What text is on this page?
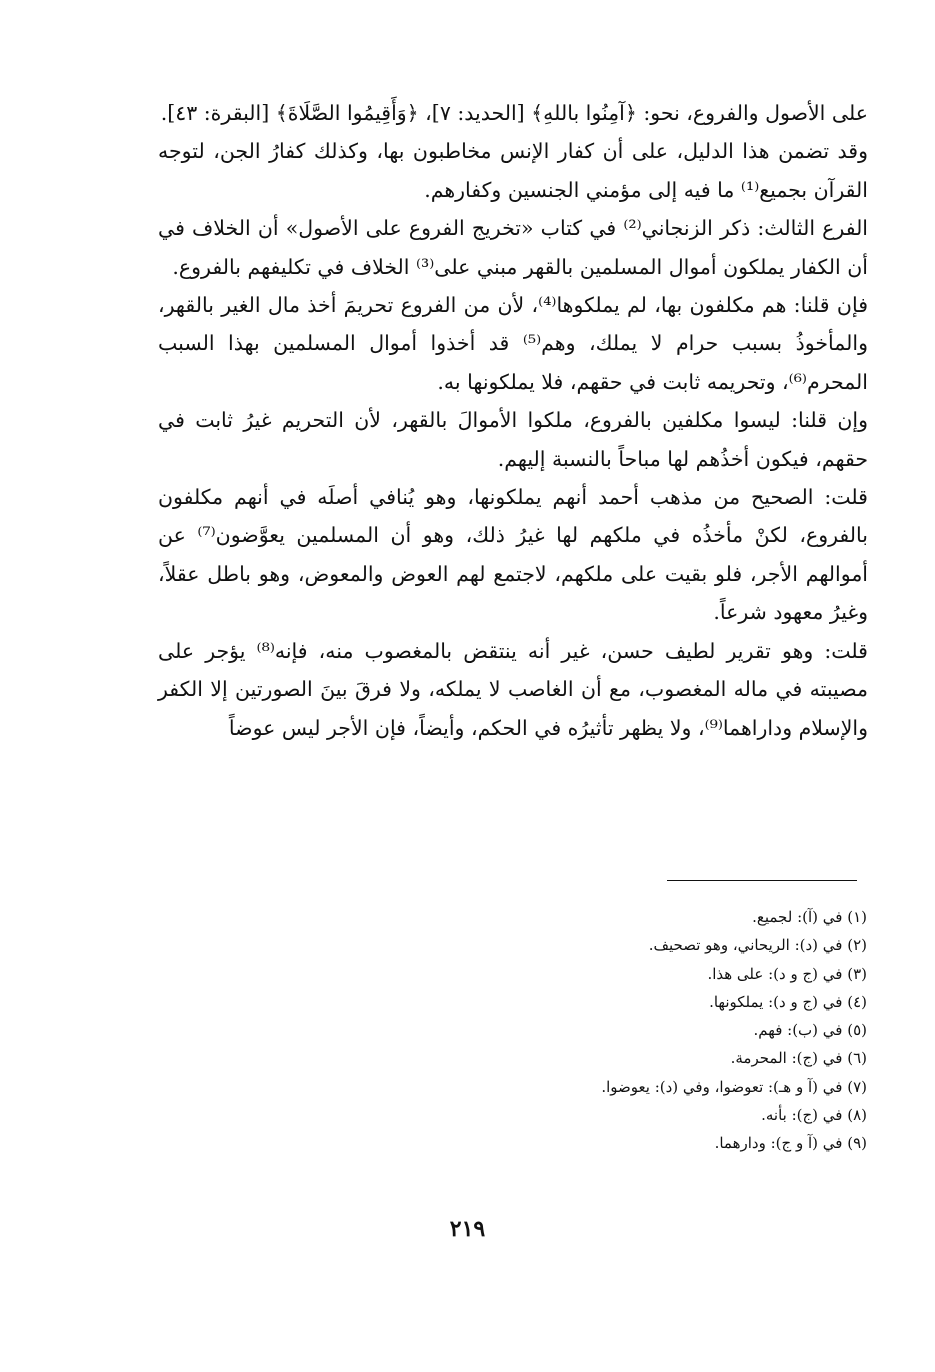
على الأصول والفروع، نحو: ﴿آمِنُوا باللهِ﴾ [الحديد: ٧]، ﴿وَأَقِيمُوا الصَّلَاةَ﴾ [البقرة: ٤٣].

وقد تضمن هذا الدليل، على أن كفار الإنس مخاطبون بها، وكذلك كفارُ الجن، لتوجه القرآن بجميع⁽¹⁾ ما فيه إلى مؤمني الجنسين وكفارهم.

الفرع الثالث: ذكر الزنجاني⁽²⁾ في كتاب «تخريج الفروع على الأصول» أن الخلاف في أن الكفار يملكون أموال المسلمين بالقهر مبني على⁽³⁾ الخلاف في تكليفهم بالفروع.

فإن قلنا: هم مكلفون بها، لم يملكوها⁽⁴⁾، لأن من الفروع تحريمَ أخذ مال الغير بالقهر، والمأخوذُ بسبب حرام لا يملك، وهم⁽⁵⁾ قد أخذوا أموال المسلمين بهذا السبب المحرم⁽⁶⁾، وتحريمه ثابت في حقهم، فلا يملكونها به.

وإن قلنا: ليسوا مكلفين بالفروع، ملكوا الأموالَ بالقهر، لأن التحريم غيرُ ثابت في حقهم، فيكون أخذُهم لها مباحاً بالنسبة إليهم.

قلت: الصحيح من مذهب أحمد أنهم يملكونها، وهو يُنافي أصلَه في أنهم مكلفون بالفروع، لكنْ مأخذُه في ملكهم لها غيرُ ذلك، وهو أن المسلمين يعوَّضون⁽⁷⁾ عن أموالهم الأجر، فلو بقيت على ملكهم، لاجتمع لهم العوض والمعوض، وهو باطل عقلاً، وغيرُ معهود شرعاً.

قلت: وهو تقرير لطيف حسن، غير أنه ينتقض بالمغصوب منه، فإنه⁽⁸⁾ يؤجر على مصيبته في ماله المغصوب، مع أن الغاصب لا يملكه، ولا فرقَ بينَ الصورتين إلا الكفر والإسلام وداراهما⁽⁹⁾، ولا يظهر تأثيرُه في الحكم، وأيضاً، فإن الأجر ليس عوضاً

(١) في (آ): لجميع.
(٢) في (د): الريحاني، وهو تصحيف.
(٣) في (ج و د): على هذا.
(٤) في (ج و د): يملكونها.
(٥) في (ب): فهم.
(٦) في (ج): المحرمة.
(٧) في (آ و هـ): تعوضوا، وفي (د): يعوضوا.
(٨) في (ج): بأنه.
(٩) في (آ و ج): ودارهما.
٢١٩
